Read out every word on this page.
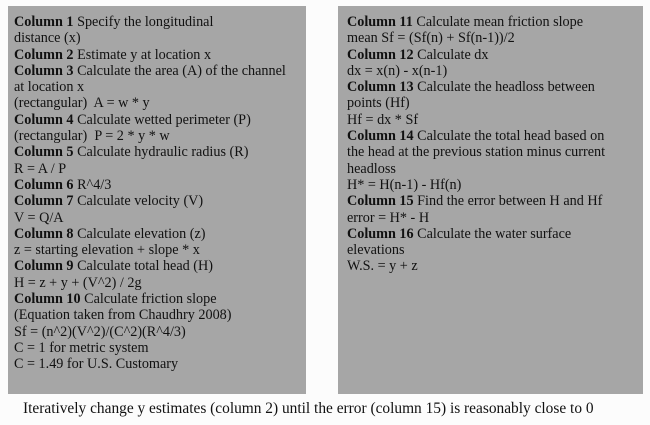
Column 1 Specify the longitudinal
distance (x)
Column 2 Estimate y at location x
Column 3 Calculate the area (A) of the channel
at location x
(rectangular)  A = w * y
Column 4 Calculate wetted perimeter (P)
(rectangular)  P = 2 * y * w
Column 5 Calculate hydraulic radius (R)
R = A / P
Column 6 R^4/3
Column 7 Calculate velocity (V)
V = Q/A
Column 8 Calculate elevation (z)
z = starting elevation + slope * x
Column 9 Calculate total head (H)
H = z + y + (V^2) / 2g
Column 10 Calculate friction slope
(Equation taken from Chaudhry 2008)
Sf = (n^2)(V^2)/(C^2)(R^4/3)
C = 1 for metric system
C = 1.49 for U.S. Customary
Column 11 Calculate mean friction slope
mean Sf = (Sf(n) + Sf(n-1))/2
Column 12 Calculate dx
dx = x(n) - x(n-1)
Column 13 Calculate the headloss between
points (Hf)
Hf = dx * Sf
Column 14 Calculate the total head based on
the head at the previous station minus current
headloss
H* = H(n-1) - Hf(n)
Column 15 Find the error between H and Hf
error = H* - H
Column 16 Calculate the water surface
elevations
W.S. = y + z
Iteratively change y estimates (column 2) until the error (column 15) is reasonably close to 0
